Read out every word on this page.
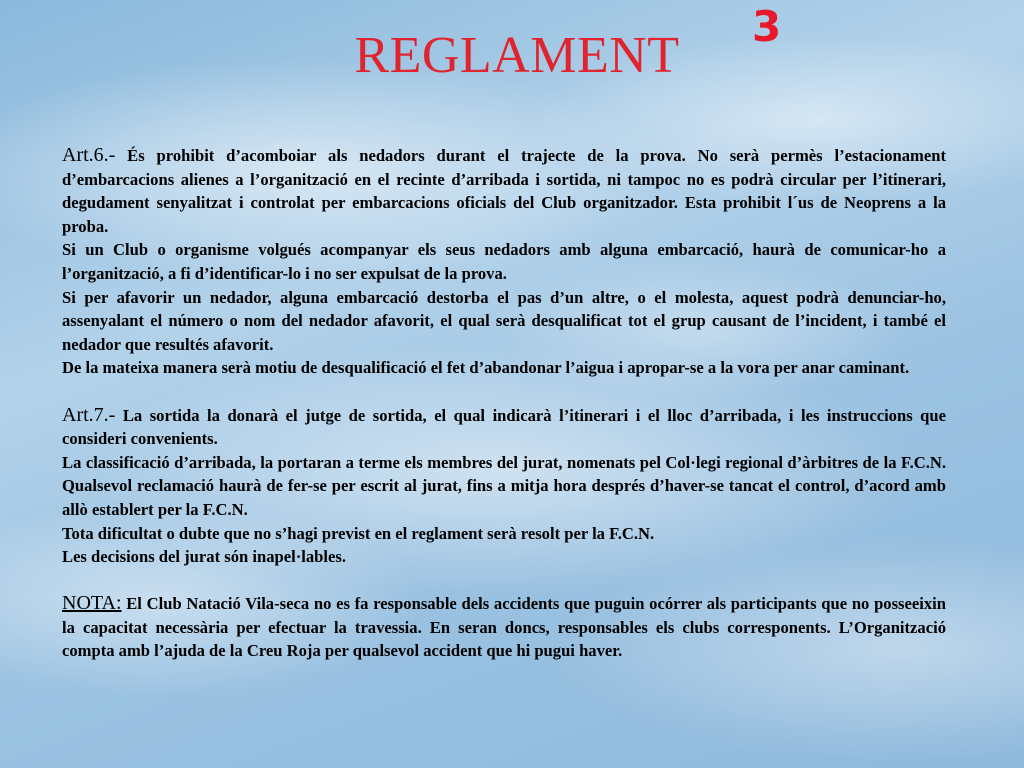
3
REGLAMENT

Art.6.- És prohibit d’acomboiar als nedadors durant el trajecte de la prova. No serà permès l’estacionament d’embarcacions alienes a l’organització en el recinte d’arribada i sortida, ni tampoc no es podrà circular per l’itinerari, degudament senyalitzat i controlat per embarcacions oficials del Club organitzador. Esta prohibit l´us de Neoprens a la proba.

Si un Club o organisme volgués acompanyar els seus nedadors amb alguna embarcació, haurà de comunicar-ho a l’organització, a fi d’identificar-lo i no ser expulsat de la prova.

Si per afavorir un nedador, alguna embarcació destorba el pas d’un altre, o el molesta, aquest podrà denunciar-ho, assenyalant el número o nom del nedador afavorit, el qual serà desqualificat tot el grup causant de l’incident, i també el nedador que resultés afavorit.

De la mateixa manera serà motiu de desqualificació el fet d’abandonar l’aigua i apropar-se a la vora per anar caminant.

Art.7.- La sortida la donarà el jutge de sortida, el qual indicarà l’itinerari i el lloc d’arribada, i les instruccions que consideri convenients.

La classificació d’arribada, la portaran a terme els membres del jurat, nomenats pel Col·legi regional d’àrbitres de la F.C.N. Qualsevol reclamació haurà de fer-se per escrit al jurat, fins a mitja hora després d’haver-se tancat el control, d’acord amb allò establert per la F.C.N.

Tota dificultat o dubte que no s’hagi previst en el reglament serà resolt per la F.C.N.

Les decisions del jurat són inapel·lables.

NOTA: El Club Natació Vila-seca no es fa responsable dels accidents que puguin ocórrer als participants que no posseeixin la capacitat necessària per efectuar la travessia. En seran doncs, responsables els clubs corresponents. L’Organització compta amb l’ajuda de la Creu Roja per qualsevol accident que hi pugui haver.
